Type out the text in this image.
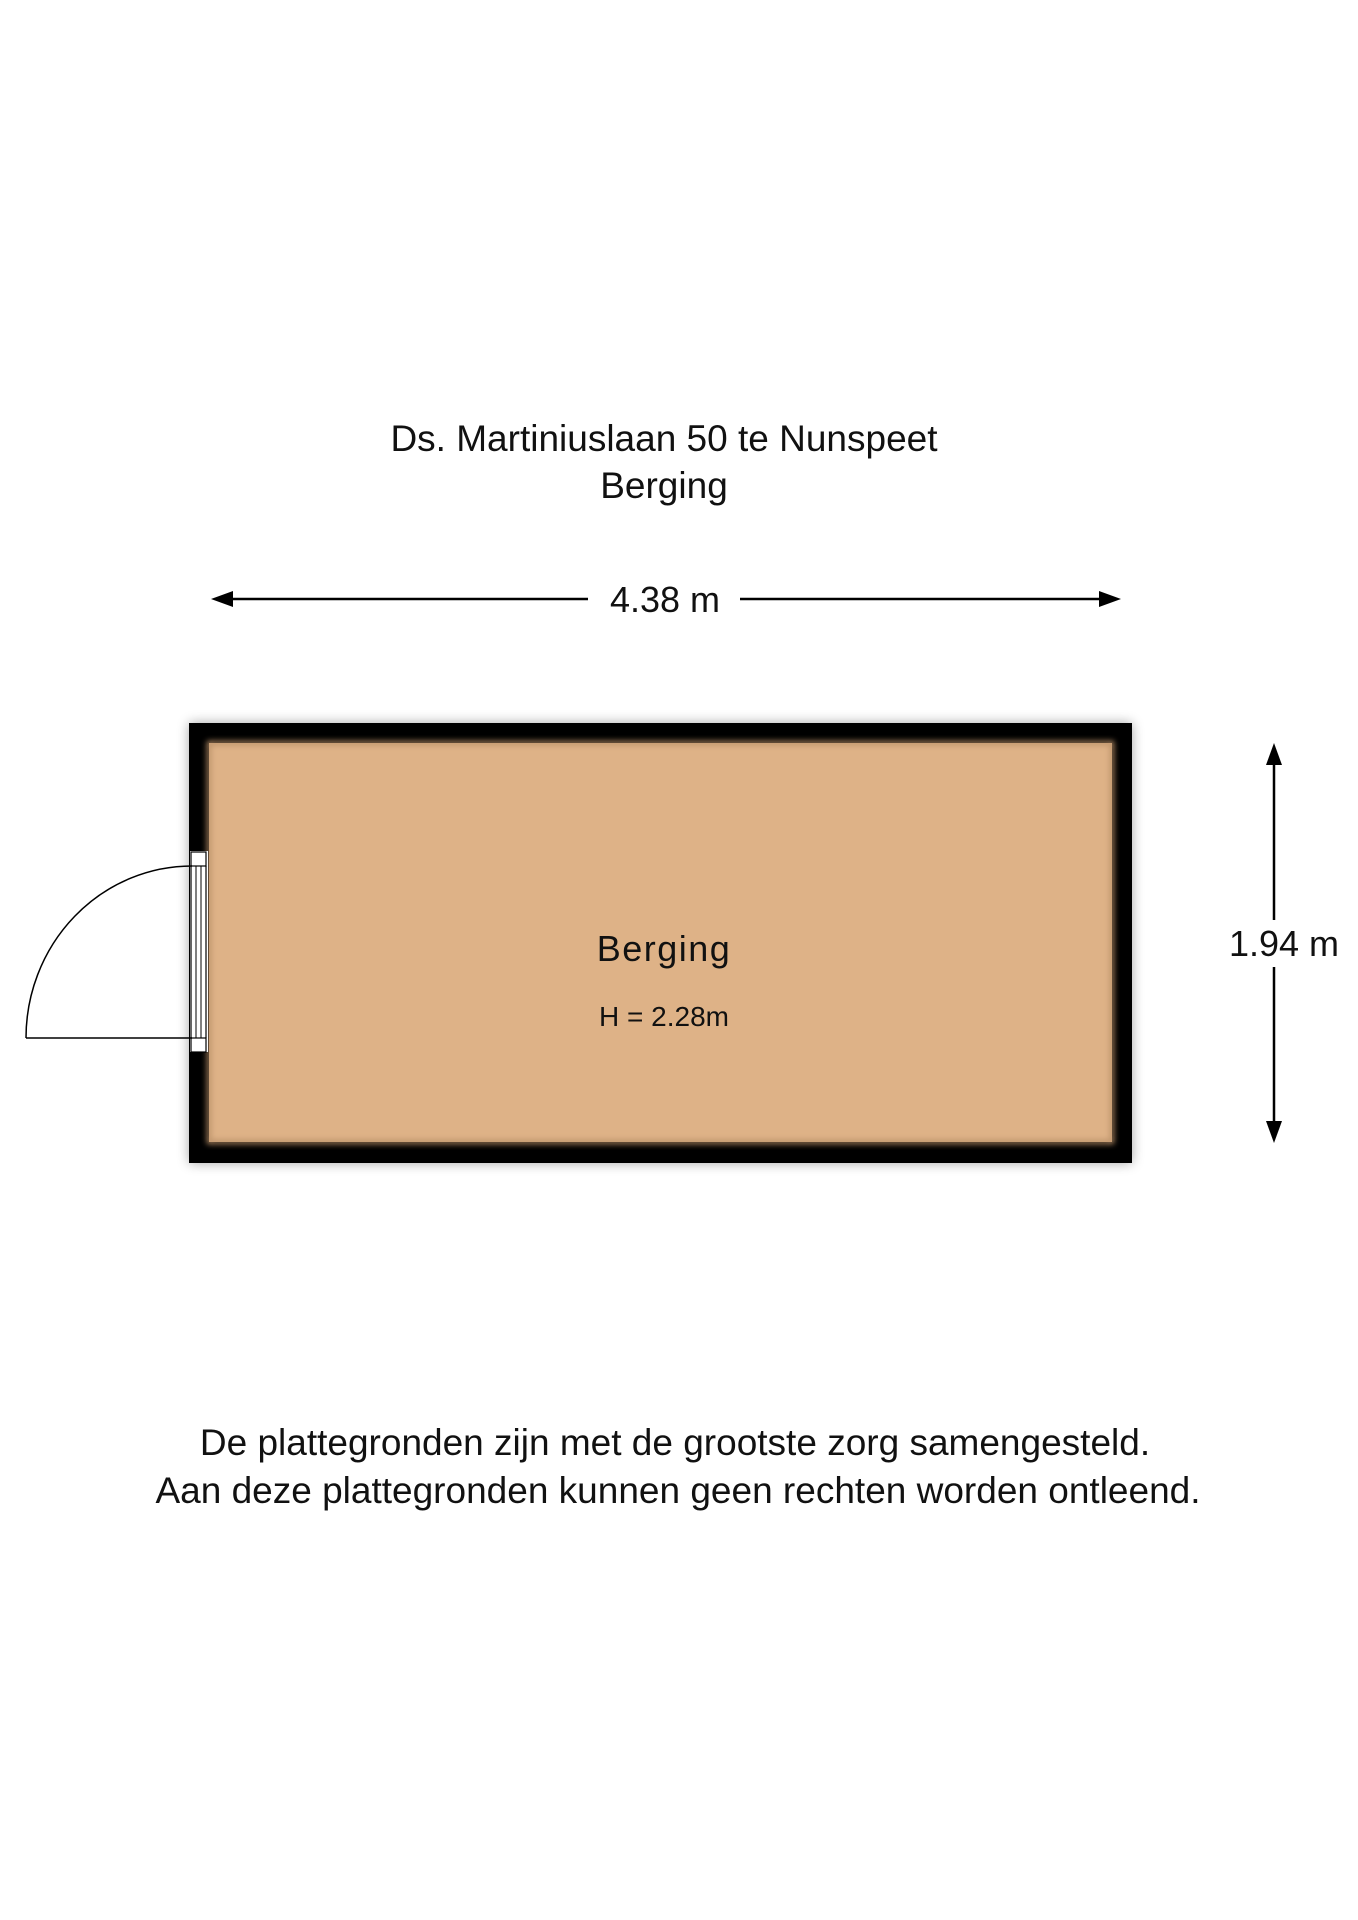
Ds. Martiniuslaan 50 te Nunspeet
Berging
4.38 m
Berging
H = 2.28m
1.94 m
De plattegronden zijn met de grootste zorg samengesteld.
Aan deze plattegronden kunnen geen rechten worden ontleend.
